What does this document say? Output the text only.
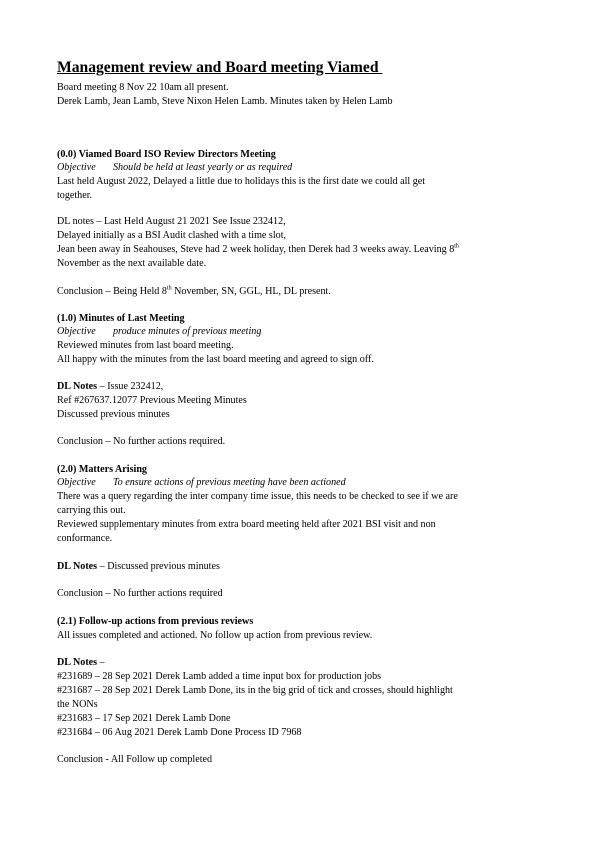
Management review and Board meeting Viamed
Board meeting 8 Nov 22 10am all present.
Derek Lamb, Jean Lamb, Steve Nixon Helen Lamb. Minutes taken by Helen Lamb
(0.0) Viamed Board ISO Review Directors Meeting
Objective Should be held at least yearly or as required
Last held August 2022, Delayed a little due to holidays this is the first date we could all get
together.
DL notes – Last Held August 21 2021 See Issue 232412,
Delayed initially as a BSI Audit clashed with a time slot,
Jean been away in Seahouses, Steve had 2 week holiday, then Derek had 3 weeks away. Leaving 8th
November as the next available date.
Conclusion – Being Held 8th November, SN, GGL, HL, DL present.
(1.0) Minutes of Last Meeting
Objective produce minutes of previous meeting
Reviewed minutes from last board meeting.
All happy with the minutes from the last board meeting and agreed to sign off.
DL Notes – Issue 232412,
Ref #267637.12077 Previous Meeting Minutes
Discussed previous minutes
Conclusion – No further actions required.
(2.0) Matters Arising
Objective To ensure actions of previous meeting have been actioned
There was a query regarding the inter company time issue, this needs to be checked to see if we are
carrying this out.
Reviewed supplementary minutes from extra board meeting held after 2021 BSI visit and non
conformance.
DL Notes – Discussed previous minutes
Conclusion – No further actions required
(2.1) Follow-up actions from previous reviews
All issues completed and actioned. No follow up action from previous review.
DL Notes –
#231689 – 28 Sep 2021 Derek Lamb added a time input box for production jobs
#231687 – 28 Sep 2021 Derek Lamb Done, its in the big grid of tick and crosses, should highlight
the NONs
#231683 – 17 Sep 2021 Derek Lamb Done
#231684 – 06 Aug 2021 Derek Lamb Done Process ID 7968
Conclusion - All Follow up completed
